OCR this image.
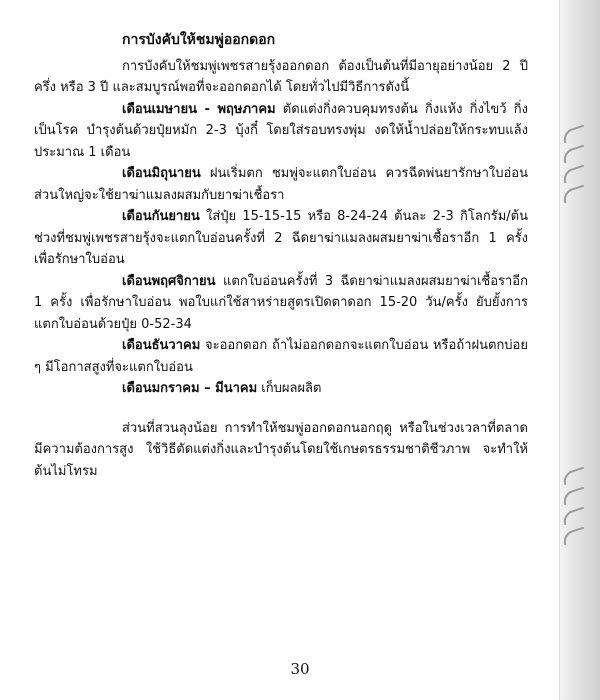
การบังคับให้ชมพู่ออกดอก

การบังคับให้ชมพู่เพชรสายรุ้งออกดอก ต้องเป็นต้นที่มีอายุอย่างน้อย 2 ปีครึ่ง หรือ 3 ปี และสมบูรณ์พอที่จะออกดอกได้ โดยทั่วไปมีวิธีการดังนี้

เดือนเมษายน - พฤษภาคม ตัดแต่งกิ่งควบคุมทรงต้น กิ่งแห้ง กิ่งไขว้ กิ่งเป็นโรค บำรุงต้นด้วยปุ๋ยหมัก 2-3 บุ้งกี๋ โดยใส่รอบทรงพุ่ม งดให้น้ำปล่อยให้กระทบแล้งประมาณ 1 เดือน

เดือนมิถุนายน ฝนเริ่มตก ชมพู่จะแตกใบอ่อน ควรฉีดพ่นยารักษาใบอ่อน ส่วนใหญ่จะใช้ยาฆ่าแมลงผสมกับยาฆ่าเชื้อรา

เดือนกันยายน ใส่ปุ๋ย 15-15-15 หรือ 8-24-24 ต้นละ 2-3 กิโลกรัม/ต้น ช่วงที่ชมพู่เพชรสายรุ้งจะแตกใบอ่อนครั้งที่ 2 ฉีดยาฆ่าแมลงผสมยาฆ่าเชื้อราอีก 1 ครั้ง เพื่อรักษาใบอ่อน

เดือนพฤศจิกายน แตกใบอ่อนครั้งที่ 3 ฉีดยาฆ่าแมลงผสมยาฆ่าเชื้อราอีก 1 ครั้ง เพื่อรักษาใบอ่อน พอใบแก่ใช้สาหร่ายสูตรเปิดตาดอก 15-20 วัน/ครั้ง ยับยั้งการแตกใบอ่อนด้วยปุ๋ย 0-52-34

เดือนธันวาคม จะออกดอก ถ้าไม่ออกดอกจะแตกใบอ่อน หรือถ้าฝนตกบ่อย ๆ มีโอกาสสูงที่จะแตกใบอ่อน

เดือนมกราคม – มีนาคม เก็บผลผลิต

ส่วนที่สวนลุงน้อย การทำให้ชมพู่ออกดอกนอกฤดู หรือในช่วงเวลาที่ตลาดมีความต้องการสูง ใช้วิธีตัดแต่งกิ่งและบำรุงต้นโดยใช้เกษตรธรรมชาติชีวภาพ จะทำให้ต้นไม่โทรม

30
